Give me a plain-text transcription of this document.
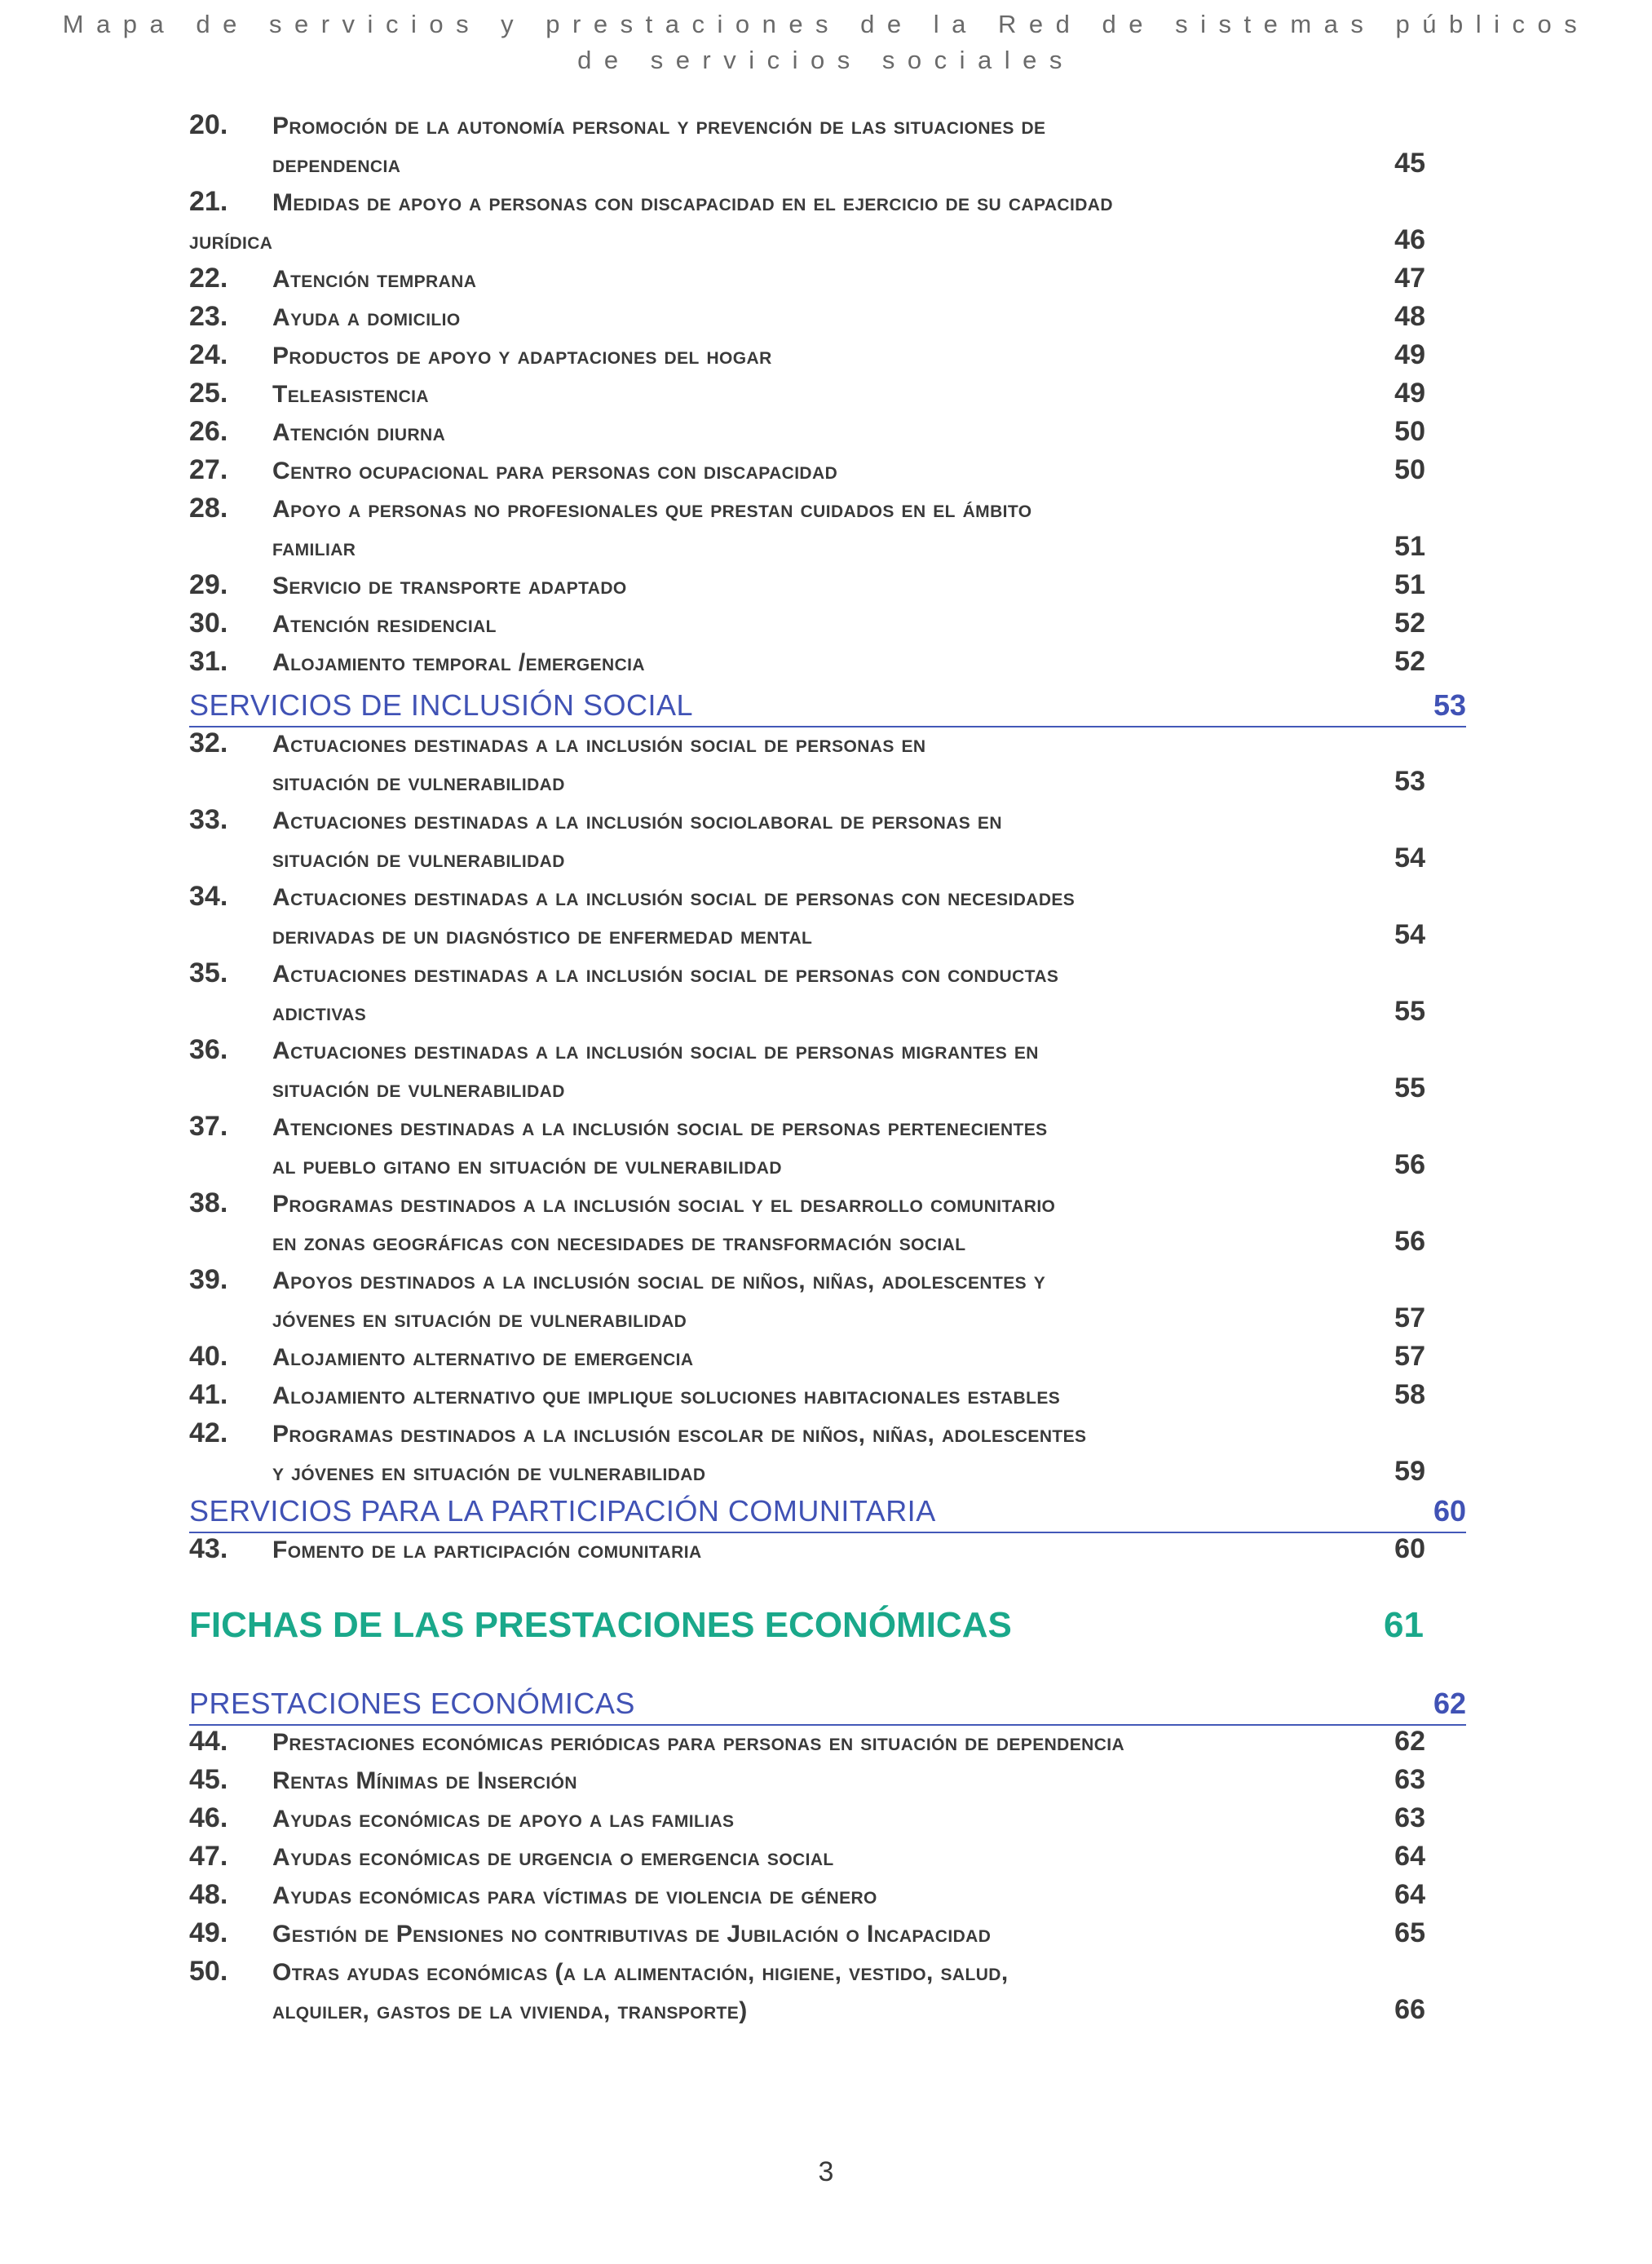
Mapa de servicios y prestaciones de la Red de sistemas públicos
de servicios sociales
SERVICIOS DE INCLUSIÓN SOCIAL	53
SERVICIOS PARA LA PARTICIPACIÓN COMUNITARIA	60
FICHAS DE LAS PRESTACIONES ECONÓMICAS	61
PRESTACIONES ECONÓMICAS	62
20. Promoción de la autonomía personal y prevención de las situaciones de
dependencia	45
21. Medidas de apoyo a personas con discapacidad en el ejercicio de su capacidad
jurídica	46
22. Atención temprana	47
23. Ayuda a domicilio	48
24. Productos de apoyo y adaptaciones del hogar	49
25. Teleasistencia	49
26. Atención diurna	50
27. Centro ocupacional para personas con discapacidad	50
28. Apoyo a personas no profesionales que prestan cuidados en el ámbito
familiar	51
29. Servicio de transporte adaptado	51
30. Atención residencial	52
31. Alojamiento temporal /emergencia	52
32. Actuaciones destinadas a la inclusión social de personas en
situación de vulnerabilidad	53
33. Actuaciones destinadas a la inclusión sociolaboral de personas en
situación de vulnerabilidad	54
34. Actuaciones destinadas a la inclusión social de personas con necesidades
derivadas de un diagnóstico de enfermedad mental	54
35. Actuaciones destinadas a la inclusión social de personas con conductas
adictivas	55
36. Actuaciones destinadas a la inclusión social de personas migrantes en
situación de vulnerabilidad	55
37. Atenciones destinadas a la inclusión social de personas pertenecientes
al pueblo gitano en situación de vulnerabilidad	56
38. Programas destinados a la inclusión social y el desarrollo comunitario
en zonas geográficas con necesidades de transformación social	56
39. Apoyos destinados a la inclusión social de niños, niñas, adolescentes y
jóvenes en situación de vulnerabilidad	57
40. Alojamiento alternativo de emergencia	57
41. Alojamiento alternativo que implique soluciones habitacionales estables	58
42. Programas destinados a la inclusión escolar de niños, niñas, adolescentes
y jóvenes en situación de vulnerabilidad	59
43. Fomento de la participación comunitaria	60
44. Prestaciones económicas periódicas para personas en situación de dependencia	62
45. Rentas Mínimas de Inserción	63
46. Ayudas económicas de apoyo a las familias	63
47. Ayudas económicas de urgencia o emergencia social	64
48. Ayudas económicas para víctimas de violencia de género	64
49. Gestión de Pensiones no contributivas de Jubilación o Incapacidad	65
50. Otras ayudas económicas (a la alimentación, higiene, vestido, salud,
alquiler, gastos de la vivienda, transporte)	66
3
